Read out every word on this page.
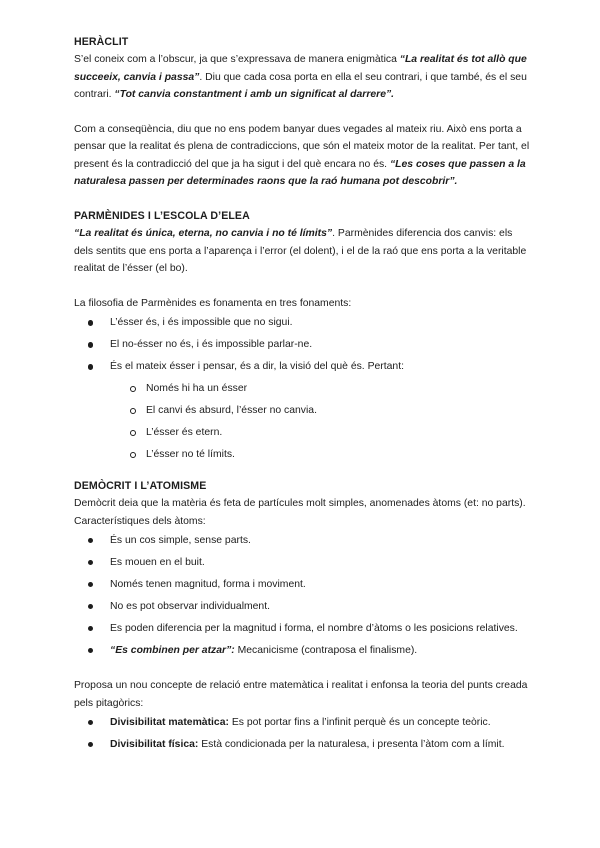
HERÀCLIT

S’el coneix com a l’obscur, ja que s’expressava de manera enigmàtica “La realitat és tot allò que succeeix, canvia i passa”. Diu que cada cosa porta en ella el seu contrari, i que també, és el seu contrari. “Tot canvia constantment i amb un significat al darrere”.

Com a conseqüència, diu que no ens podem banyar dues vegades al mateix riu. Això ens porta a pensar que la realitat és plena de contradiccions, que són el mateix motor de la realitat. Per tant, el present és la contradicció del que ja ha sigut i del què encara no és. “Les coses que passen a la naturalesa passen per determinades raons que la raó humana pot descobrir”.

PARMÈNIDES I L’ESCOLA D’ELEA

“La realitat és única, eterna, no canvia i no té límits”. Parmènides diferencia dos canvis: els dels sentits que ens porta a l’aparença i l’error (el dolent), i el de la raó que ens porta a la veritable realitat de l’ésser (el bo).

La filosofia de Parmènides es fonamenta en tres fonaments:

L’ésser és, i és impossible que no sigui.
El no-ésser no és, i és impossible parlar-ne.
És el mateix ésser i pensar, és a dir, la visió del què és. Pertant:
Només hi ha un ésser
El canvi és absurd, l’ésser no canvia.
L’ésser és etern.
L’ésser no té límits.
DEMÒCRIT I L’ATOMISME

Demòcrit deia que la matèria és feta de partícules molt simples, anomenades àtoms (et: no parts). Característiques dels àtoms:

És un cos simple, sense parts.
Es mouen en el buit.
Només tenen magnitud, forma i moviment.
No es pot observar individualment.
Es poden diferencia per la magnitud i forma, el nombre d’àtoms o les posicions relatives.
“Es combinen per atzar”: Mecanicisme (contraposa el finalisme).

Proposa un nou concepte de relació entre matemàtica i realitat i enfonsa la teoria del punts creada pels pitagòrics:

Divisibilitat matemàtica: Es pot portar fins a l’infinit perquè és un concepte teòric.
Divisibilitat física: Està condicionada per la naturalesa, i presenta l’àtom com a límit.
